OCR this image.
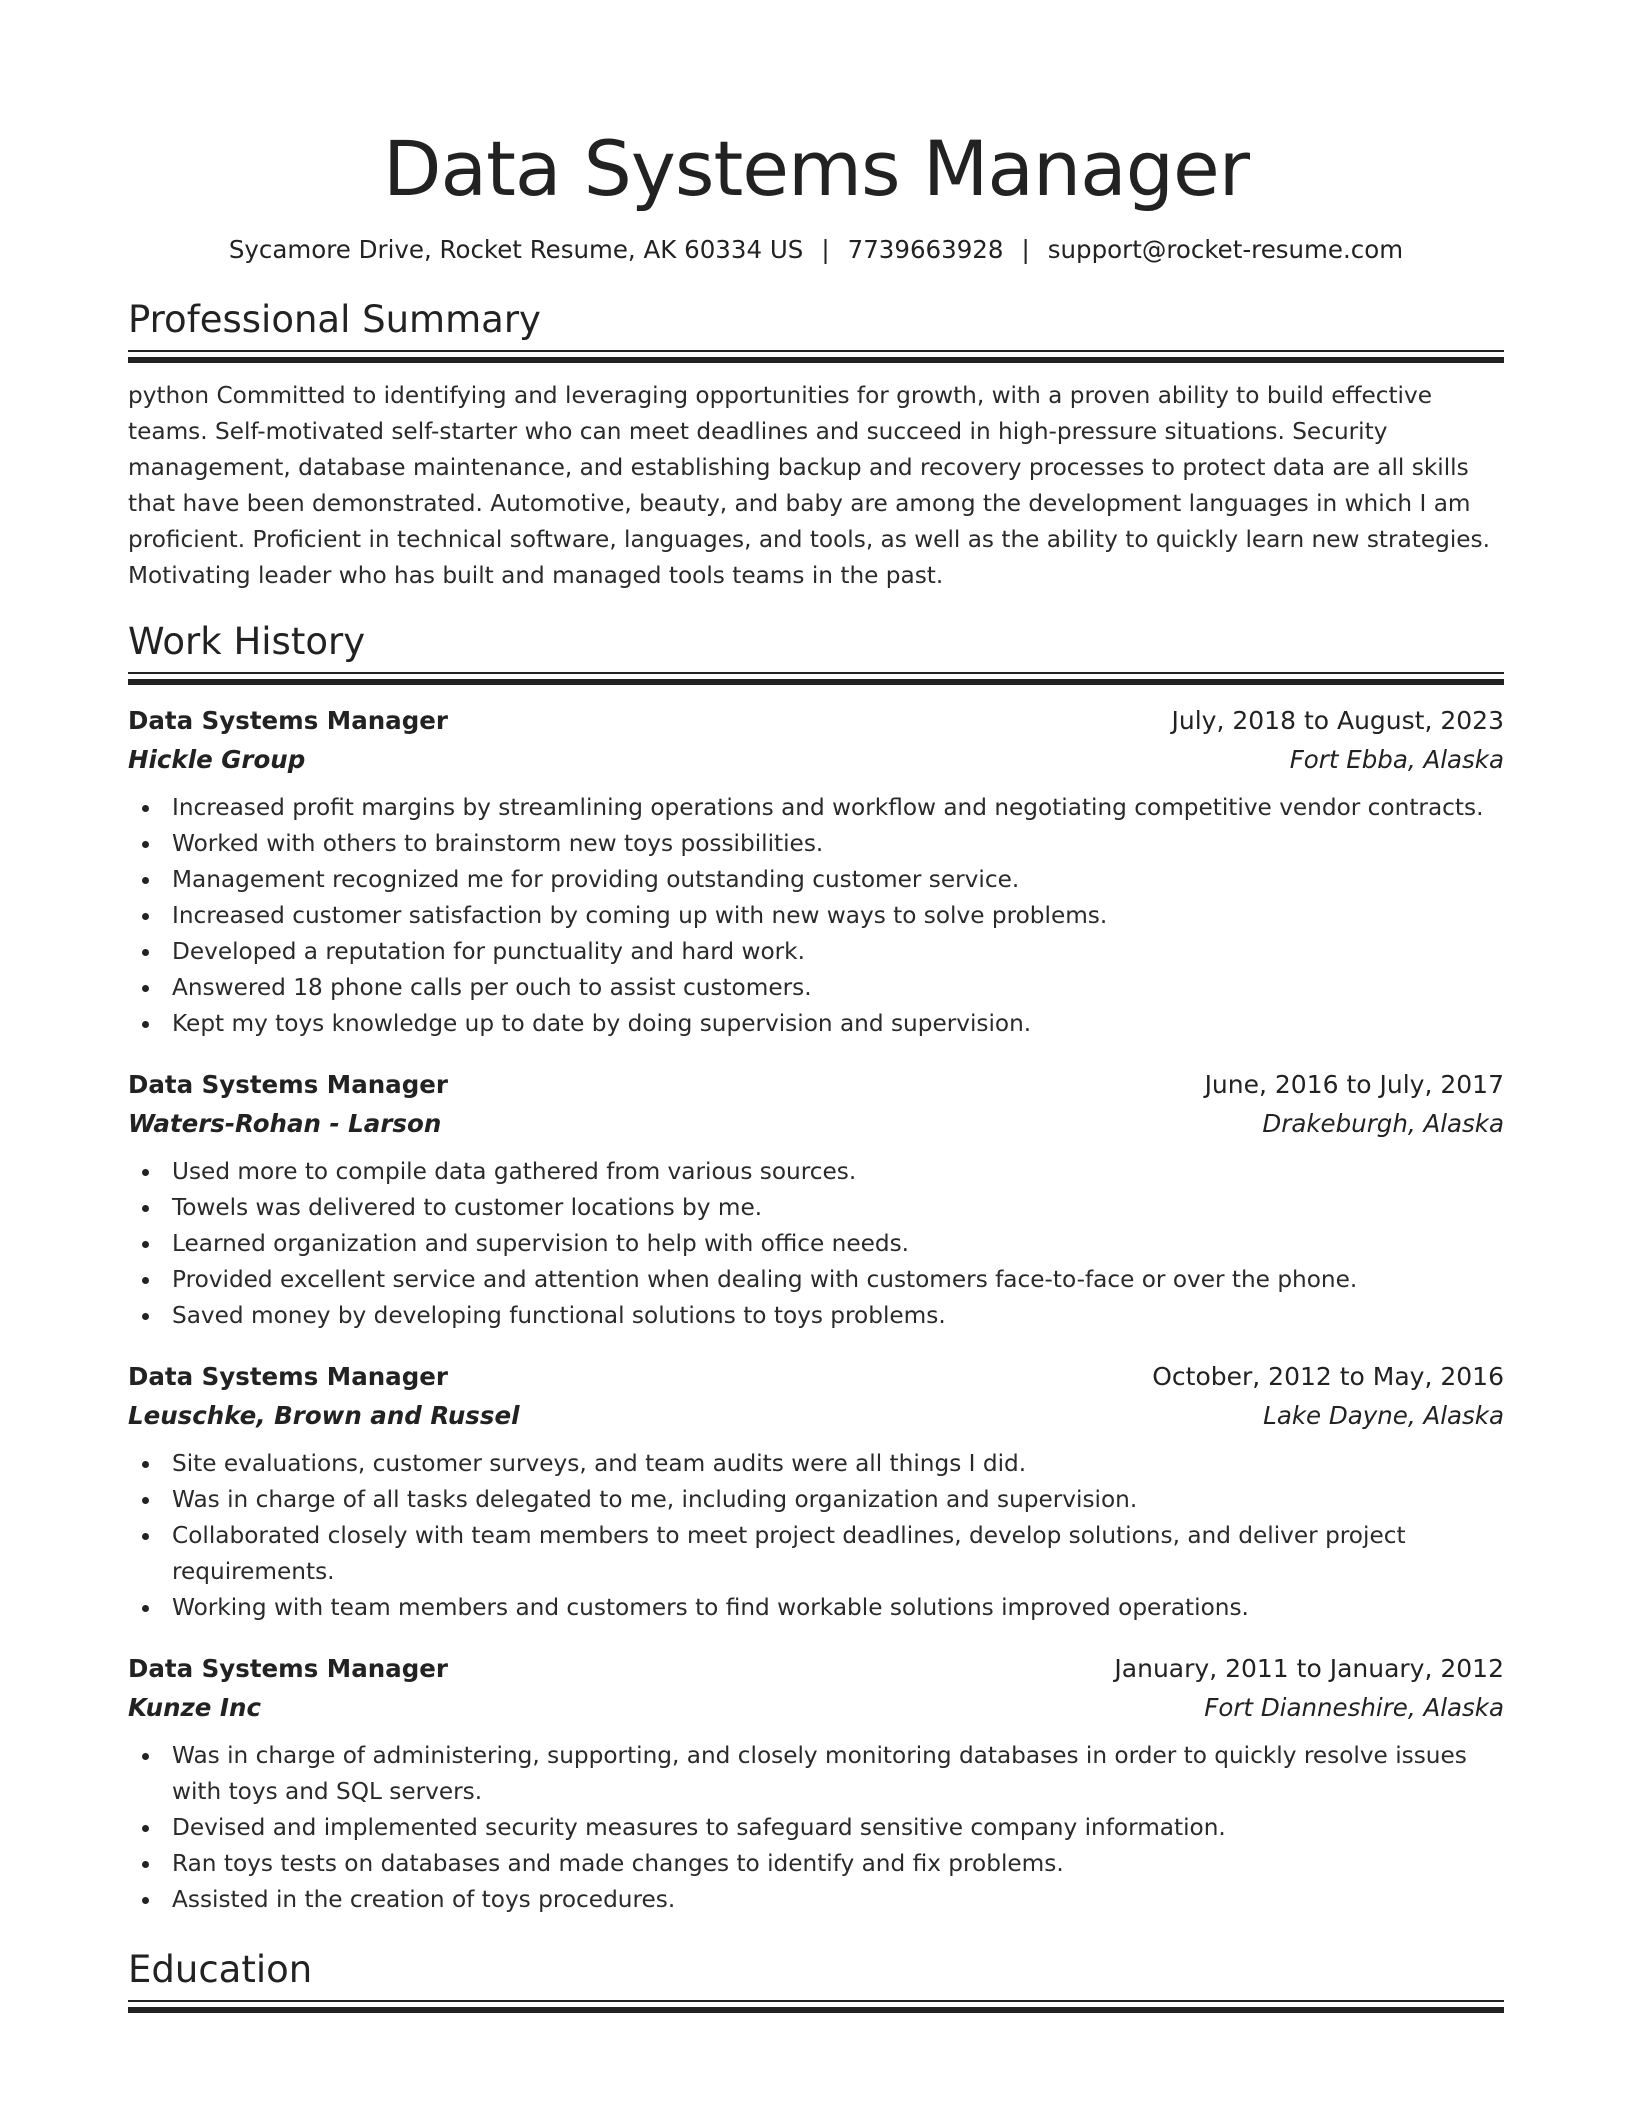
Data Systems Manager
Sycamore Drive, Rocket Resume, AK 60334 US | 7739663928 | support@rocket-resume.com
Professional Summary

python Committed to identifying and leveraging opportunities for growth, with a proven ability to build effective teams. Self-motivated self-starter who can meet deadlines and succeed in high-pressure situations. Security management, database maintenance, and establishing backup and recovery processes to protect data are all skills that have been demonstrated. Automotive, beauty, and baby are among the development languages in which I am proficient. Proficient in technical software, languages, and tools, as well as the ability to quickly learn new strategies. Motivating leader who has built and managed tools teams in the past.

Work History
Data Systems Manager	July, 2018 to August, 2023
Hickle Group	Fort Ebba, Alaska
Increased profit margins by streamlining operations and workflow and negotiating competitive vendor contracts.
Worked with others to brainstorm new toys possibilities.
Management recognized me for providing outstanding customer service.
Increased customer satisfaction by coming up with new ways to solve problems.
Developed a reputation for punctuality and hard work.
Answered 18 phone calls per ouch to assist customers.
Kept my toys knowledge up to date by doing supervision and supervision.
Data Systems Manager	June, 2016 to July, 2017
Waters-Rohan - Larson	Drakeburgh, Alaska
Used more to compile data gathered from various sources.
Towels was delivered to customer locations by me.
Learned organization and supervision to help with office needs.
Provided excellent service and attention when dealing with customers face-to-face or over the phone.
Saved money by developing functional solutions to toys problems.
Data Systems Manager	October, 2012 to May, 2016
Leuschke, Brown and Russel	Lake Dayne, Alaska
Site evaluations, customer surveys, and team audits were all things I did.
Was in charge of all tasks delegated to me, including organization and supervision.
Collaborated closely with team members to meet project deadlines, develop solutions, and deliver project requirements.
Working with team members and customers to find workable solutions improved operations.
Data Systems Manager	January, 2011 to January, 2012
Kunze Inc	Fort Dianneshire, Alaska
Was in charge of administering, supporting, and closely monitoring databases in order to quickly resolve issues with toys and SQL servers.
Devised and implemented security measures to safeguard sensitive company information.
Ran toys tests on databases and made changes to identify and fix problems.
Assisted in the creation of toys procedures.
Education
